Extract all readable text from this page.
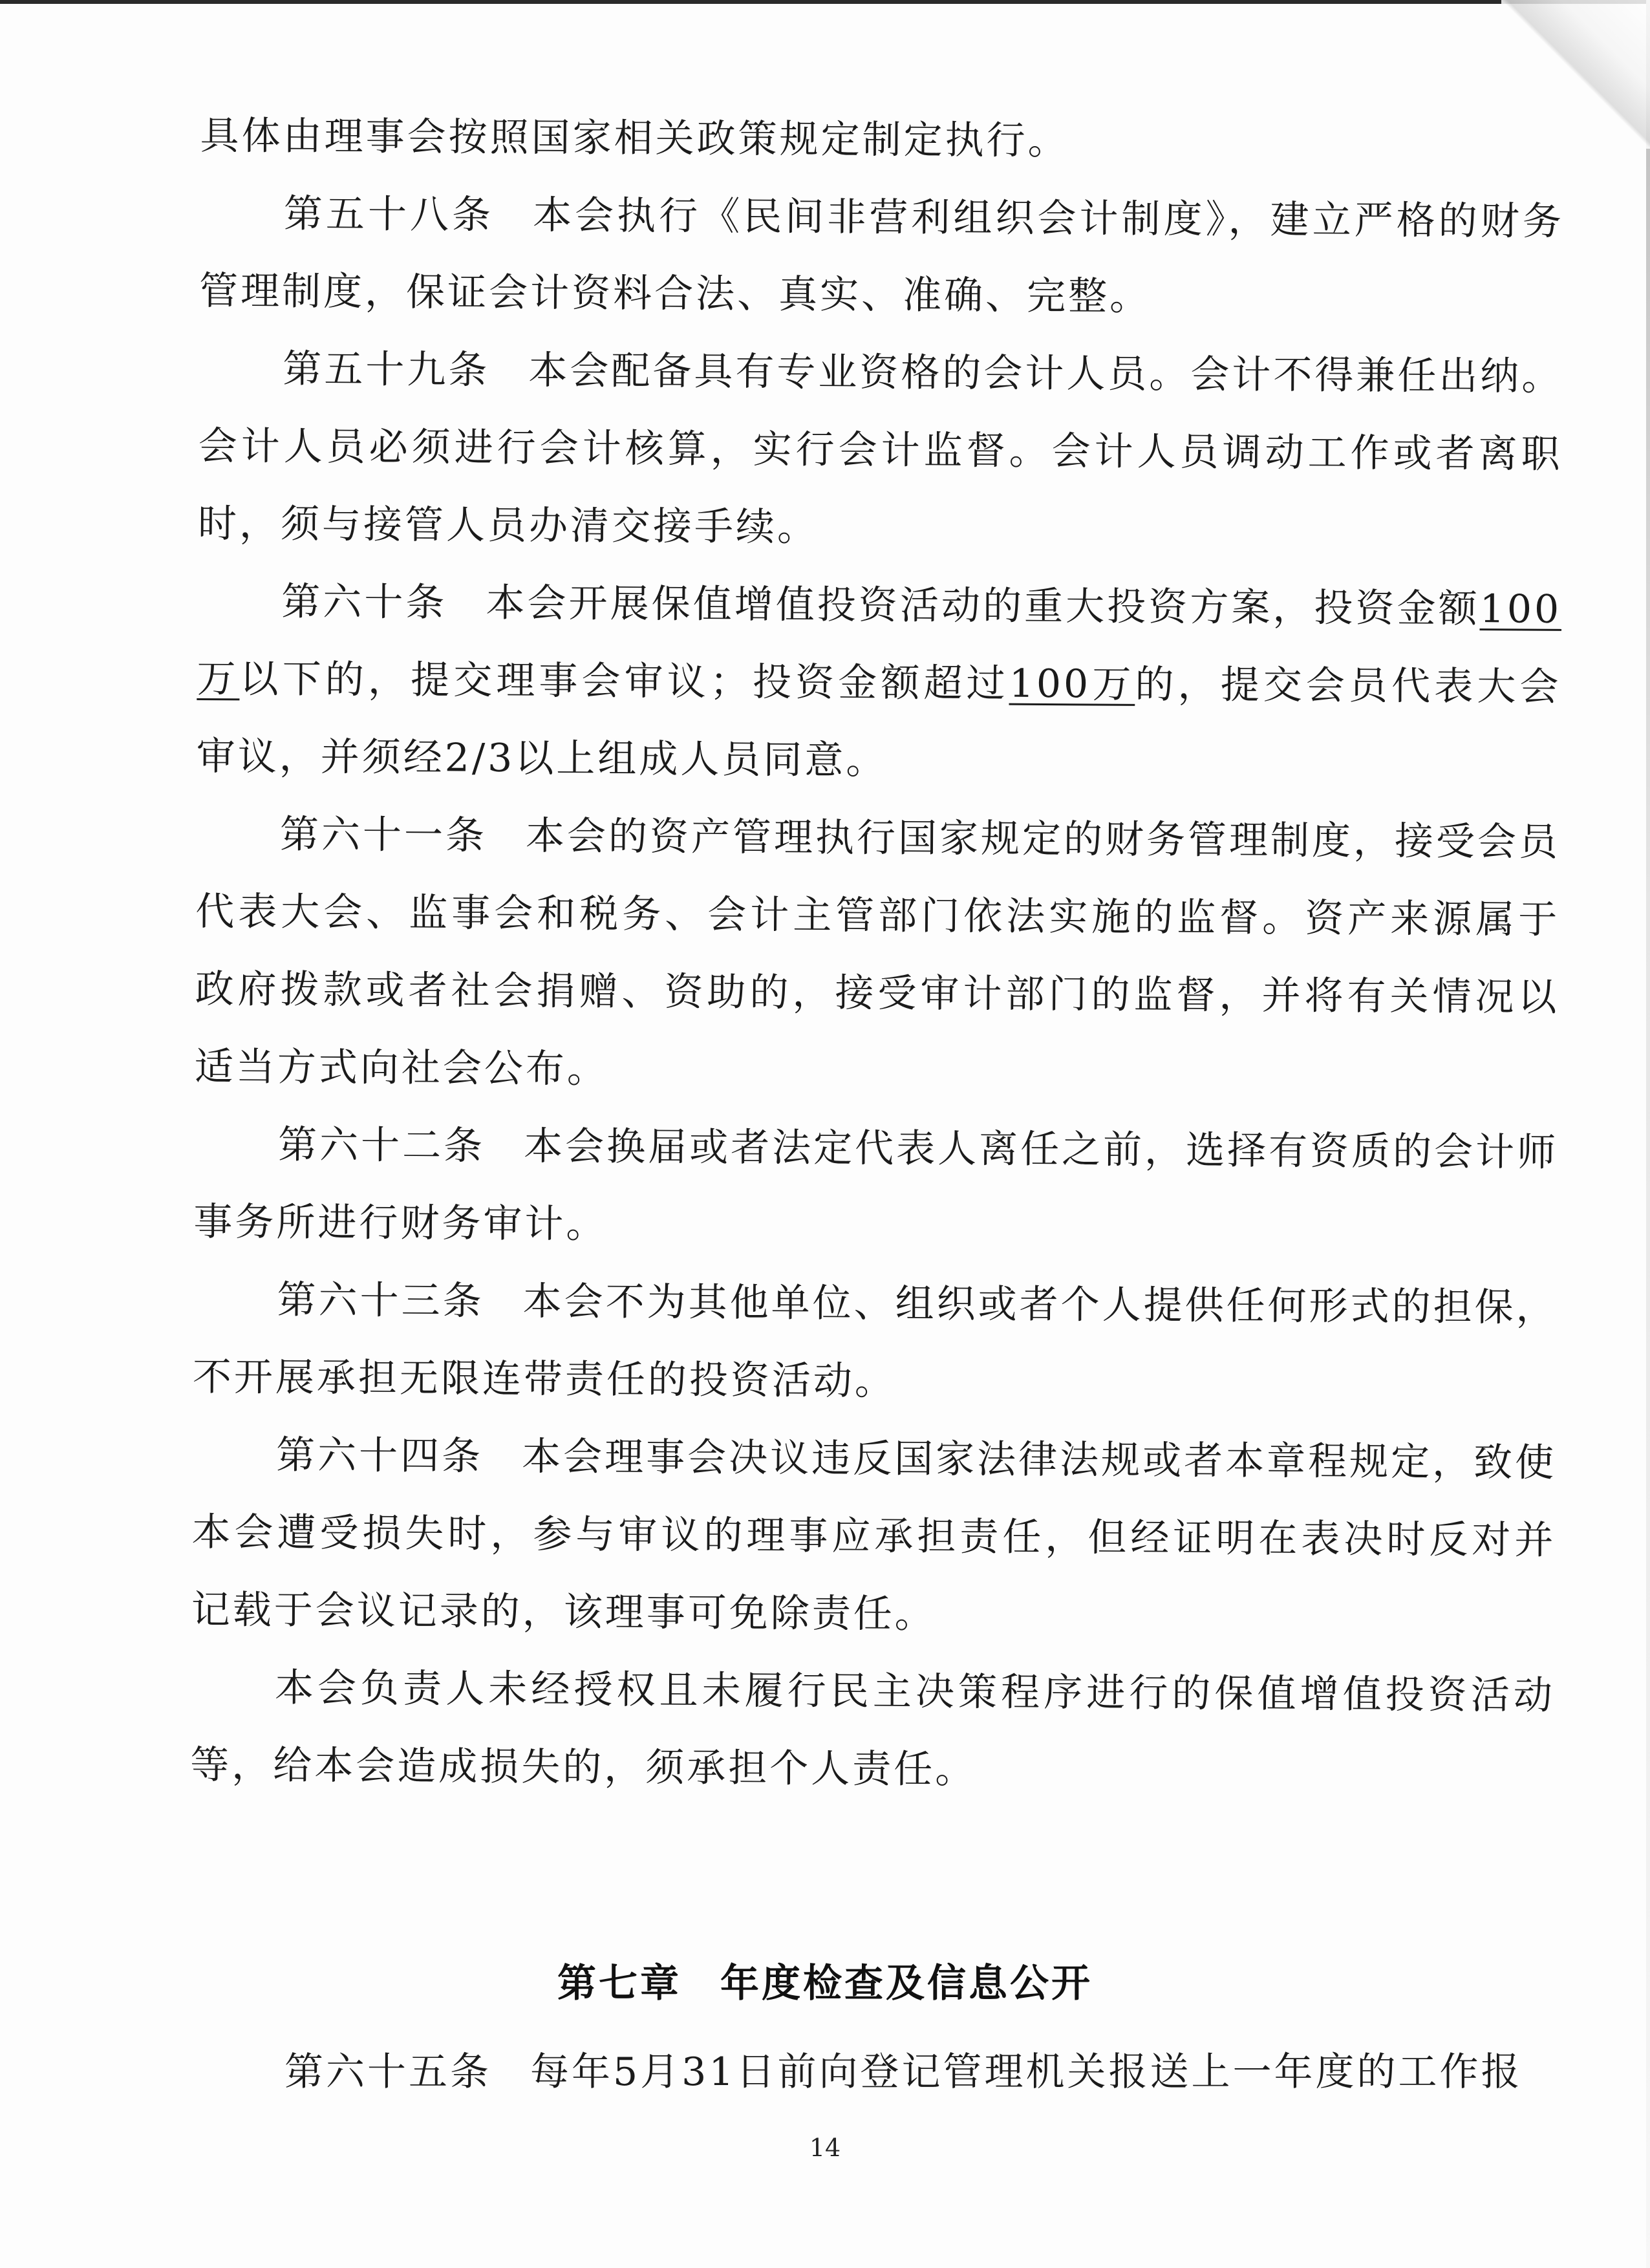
具体由理事会按照国家相关政策规定制定执行。

第五十八条 本会执行《民间非营利组织会计制度》，建立严格的财务管理制度，保证会计资料合法、真实、准确、完整。

第五十九条 本会配备具有专业资格的会计人员。会计不得兼任出纳。会计人员必须进行会计核算，实行会计监督。会计人员调动工作或者离职时，须与接管人员办清交接手续。

第六十条 本会开展保值增值投资活动的重大投资方案，投资金额100万以下的，提交理事会审议；投资金额超过100万的，提交会员代表大会审议，并须经2/3以上组成人员同意。

第六十一条 本会的资产管理执行国家规定的财务管理制度，接受会员代表大会、监事会和税务、会计主管部门依法实施的监督。资产来源属于政府拨款或者社会捐赠、资助的，接受审计部门的监督，并将有关情况以适当方式向社会公布。

第六十二条 本会换届或者法定代表人离任之前，选择有资质的会计师事务所进行财务审计。

第六十三条 本会不为其他单位、组织或者个人提供任何形式的担保，不开展承担无限连带责任的投资活动。

第六十四条 本会理事会决议违反国家法律法规或者本章程规定，致使本会遭受损失时，参与审议的理事应承担责任，但经证明在表决时反对并记载于会议记录的，该理事可免除责任。

本会负责人未经授权且未履行民主决策程序进行的保值增值投资活动等，给本会造成损失的，须承担个人责任。

第七章 年度检查及信息公开
第六十五条 每年5月31日前向登记管理机关报送上一年度的工作报
14
